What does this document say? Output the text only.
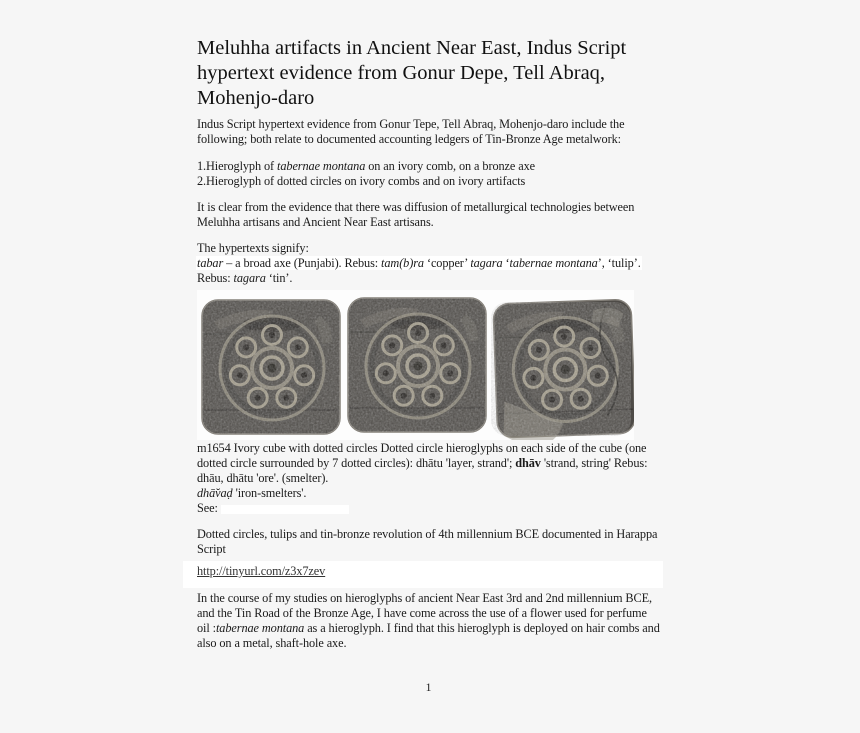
Meluhha artifacts in Ancient Near East, Indus Script
hypertext evidence from Gonur Depe, Tell Abraq,
Mohenjo-daro

Indus Script hypertext evidence from Gonur Tepe, Tell Abraq, Mohenjo-daro include the following; both relate to documented accounting ledgers of Tin-Bronze Age metalwork:

1.Hieroglyph of tabernae montana on an ivory comb, on a bronze axe
2.Hieroglyph of dotted circles on ivory combs and on ivory artifacts

It is clear from the evidence that there was diffusion of metallurgical technologies between Meluhha artisans and Ancient Near East artisans.

The hypertexts signify:
tabar – a broad axe (Punjabi). Rebus: tam(b)ra ‘copper’ tagara ‘tabernae montana’, ‘tulip’.
Rebus: tagara ‘tin’.
m1654 Ivory cube with dotted circles Dotted circle hieroglyphs on each side of the cube (one dotted circle surrounded by 7 dotted circles): dhātu 'layer, strand'; dhāv 'strand, string' Rebus: dhāu, dhātu 'ore'. (smelter).
dhā̆vaḍ 'iron-smelters'.
See:

Dotted circles, tulips and tin-bronze revolution of 4th millennium BCE documented in Harappa Script

http://tinyurl.com/z3x7zev

In the course of my studies on hieroglyphs of ancient Near East 3rd and 2nd millennium BCE, and the Tin Road of the Bronze Age, I have come across the use of a flower used for perfume oil :tabernae montana as a hieroglyph. I find that this hieroglyph is deployed on hair combs and also on a metal, shaft-hole axe.

1
